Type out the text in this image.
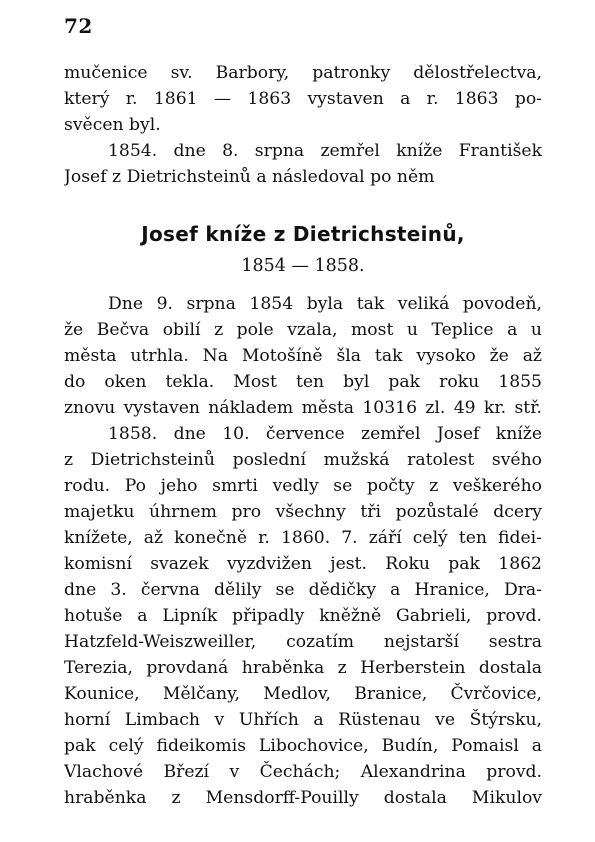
72
mučenice sv. Barbory, patronky dělostřelectva,
který r. 1861 — 1863 vystaven a r. 1863 po-
svěcen byl.
1854. dne 8. srpna zemřel kníže František
Josef z Dietrichsteinů a následoval po něm
Josef kníže z Dietrichsteinů,
1854 — 1858.
Dne 9. srpna 1854 byla tak veliká povodeň,
že Bečva obilí z pole vzala, most u Teplice a u
města utrhla. Na Motošíně šla tak vysoko že až
do oken tekla. Most ten byl pak roku 1855
znovu vystaven nákladem města 10316 zl. 49 kr. stř.
1858. dne 10. července zemřel Josef kníže
z Dietrichsteinů poslední mužská ratolest svého
rodu. Po jeho smrti vedly se počty z veškerého
majetku úhrnem pro všechny tři pozůstalé dcery
knížete, až konečně r. 1860. 7. září celý ten fidei-
komisní svazek vyzdvižen jest. Roku pak 1862
dne 3. června dělily se dědičky a Hranice, Dra-
hotuše a Lipník připadly kněžně Gabrieli, provd.
Hatzfeld-Weiszweiller, cozatím nejstarší sestra
Terezia, provdaná hraběnka z Herberstein dostala
Kounice, Mělčany, Medlov, Branice, Čvrčovice,
horní Limbach v Uhřích a Rüstenau ve Štýrsku,
pak celý fideikomis Libochovice, Budín, Pomaisl a
Vlachové Březí v Čechách; Alexandrina provd.
hraběnka z Mensdorff-Pouilly dostala Mikulov
